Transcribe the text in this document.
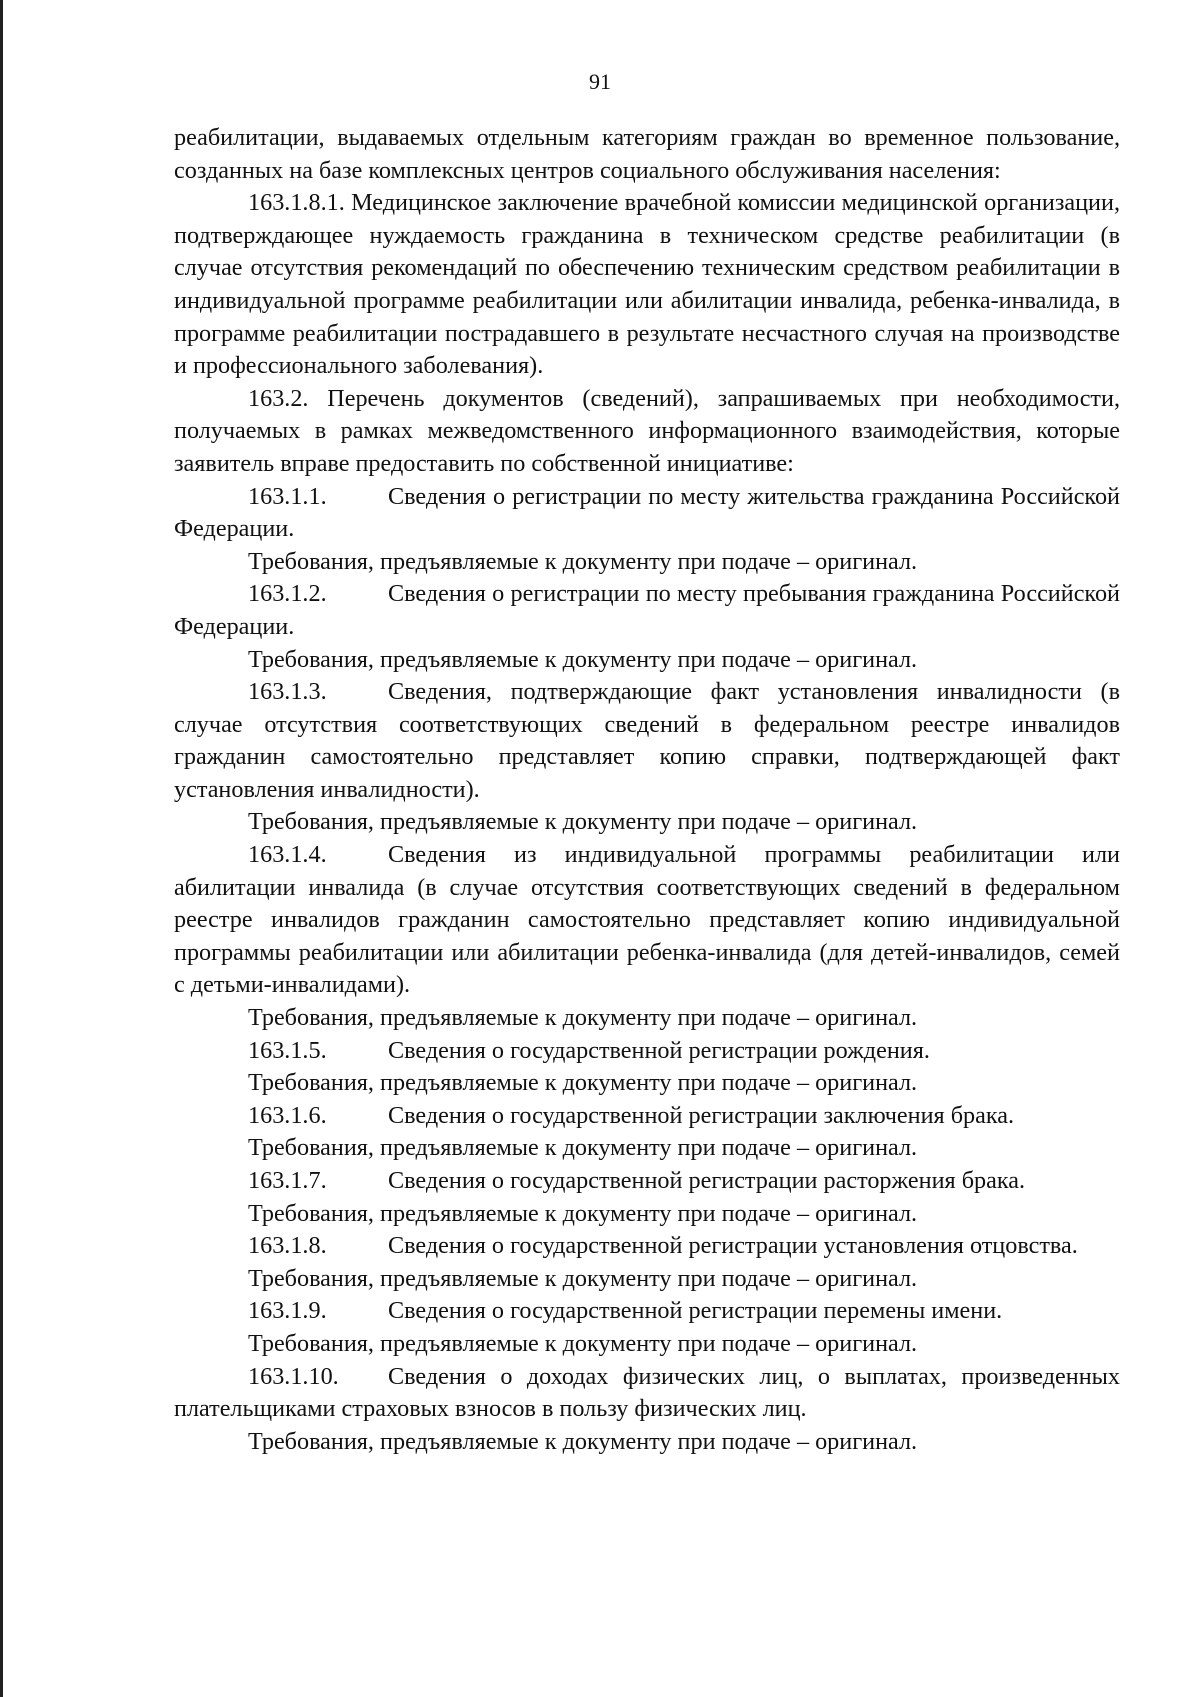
91

реабилитации, выдаваемых отдельным категориям граждан во временное пользование, созданных на базе комплексных центров социального обслуживания населения:

163.1.8.1. Медицинское заключение врачебной комиссии медицинской организации, подтверждающее нуждаемость гражданина в техническом средстве реабилитации (в случае отсутствия рекомендаций по обеспечению техническим средством реабилитации в индивидуальной программе реабилитации или абилитации инвалида, ребенка-инвалида, в программе реабилитации пострадавшего в результате несчастного случая на производстве и профессионального заболевания).

163.2. Перечень документов (сведений), запрашиваемых при необходимости, получаемых в рамках межведомственного информационного взаимодействия, которые заявитель вправе предоставить по собственной инициативе:

163.1.1.	Сведения о регистрации по месту жительства гражданина Российской Федерации.

Требования, предъявляемые к документу при подаче – оригинал.

163.1.2.	Сведения о регистрации по месту пребывания гражданина Российской Федерации.

Требования, предъявляемые к документу при подаче – оригинал.

163.1.3.	Сведения, подтверждающие факт установления инвалидности (в случае отсутствия соответствующих сведений в федеральном реестре инвалидов гражданин самостоятельно представляет копию справки, подтверждающей факт установления инвалидности).

Требования, предъявляемые к документу при подаче – оригинал.

163.1.4.	Сведения из индивидуальной программы реабилитации или абилитации инвалида (в случае отсутствия соответствующих сведений в федеральном реестре инвалидов гражданин самостоятельно представляет копию индивидуальной программы реабилитации или абилитации ребенка-инвалида (для детей-инвалидов, семей с детьми-инвалидами).

Требования, предъявляемые к документу при подаче – оригинал.

163.1.5.	Сведения о государственной регистрации рождения.

Требования, предъявляемые к документу при подаче – оригинал.

163.1.6.	Сведения о государственной регистрации заключения брака.

Требования, предъявляемые к документу при подаче – оригинал.

163.1.7.	Сведения о государственной регистрации расторжения брака.

Требования, предъявляемые к документу при подаче – оригинал.

163.1.8.	Сведения о государственной регистрации установления отцовства.

Требования, предъявляемые к документу при подаче – оригинал.

163.1.9.	Сведения о государственной регистрации перемены имени.

Требования, предъявляемые к документу при подаче – оригинал.

163.1.10. Сведения о доходах физических лиц, о выплатах, произведенных плательщиками страховых взносов в пользу физических лиц.

Требования, предъявляемые к документу при подаче – оригинал.
